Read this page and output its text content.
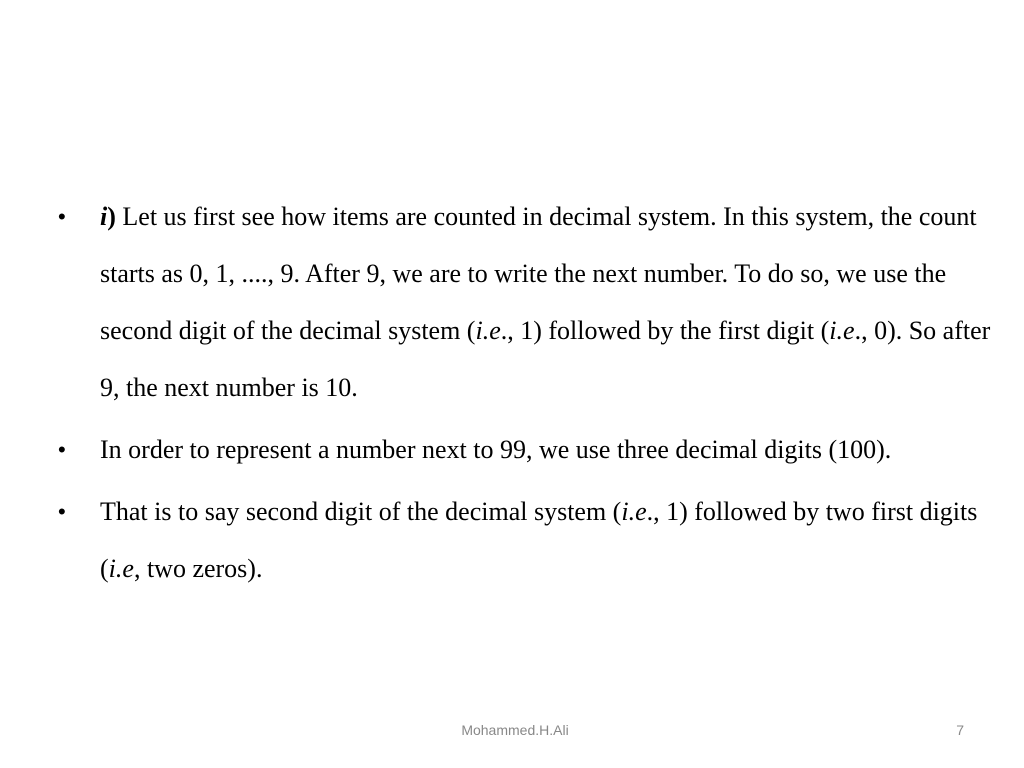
• i) Let us first see how items are counted in decimal system. In this system, the count starts as 0, 1, ...., 9. After 9, we are to write the next number. To do so, we use the second digit of the decimal system (i.e., 1) followed by the first digit (i.e., 0). So after 9, the next number is 10.
• In order to represent a number next to 99, we use three decimal digits (100).
• That is to say second digit of the decimal system (i.e., 1) followed by two first digits (i.e, two zeros).
Mohammed.H.Ali	7
